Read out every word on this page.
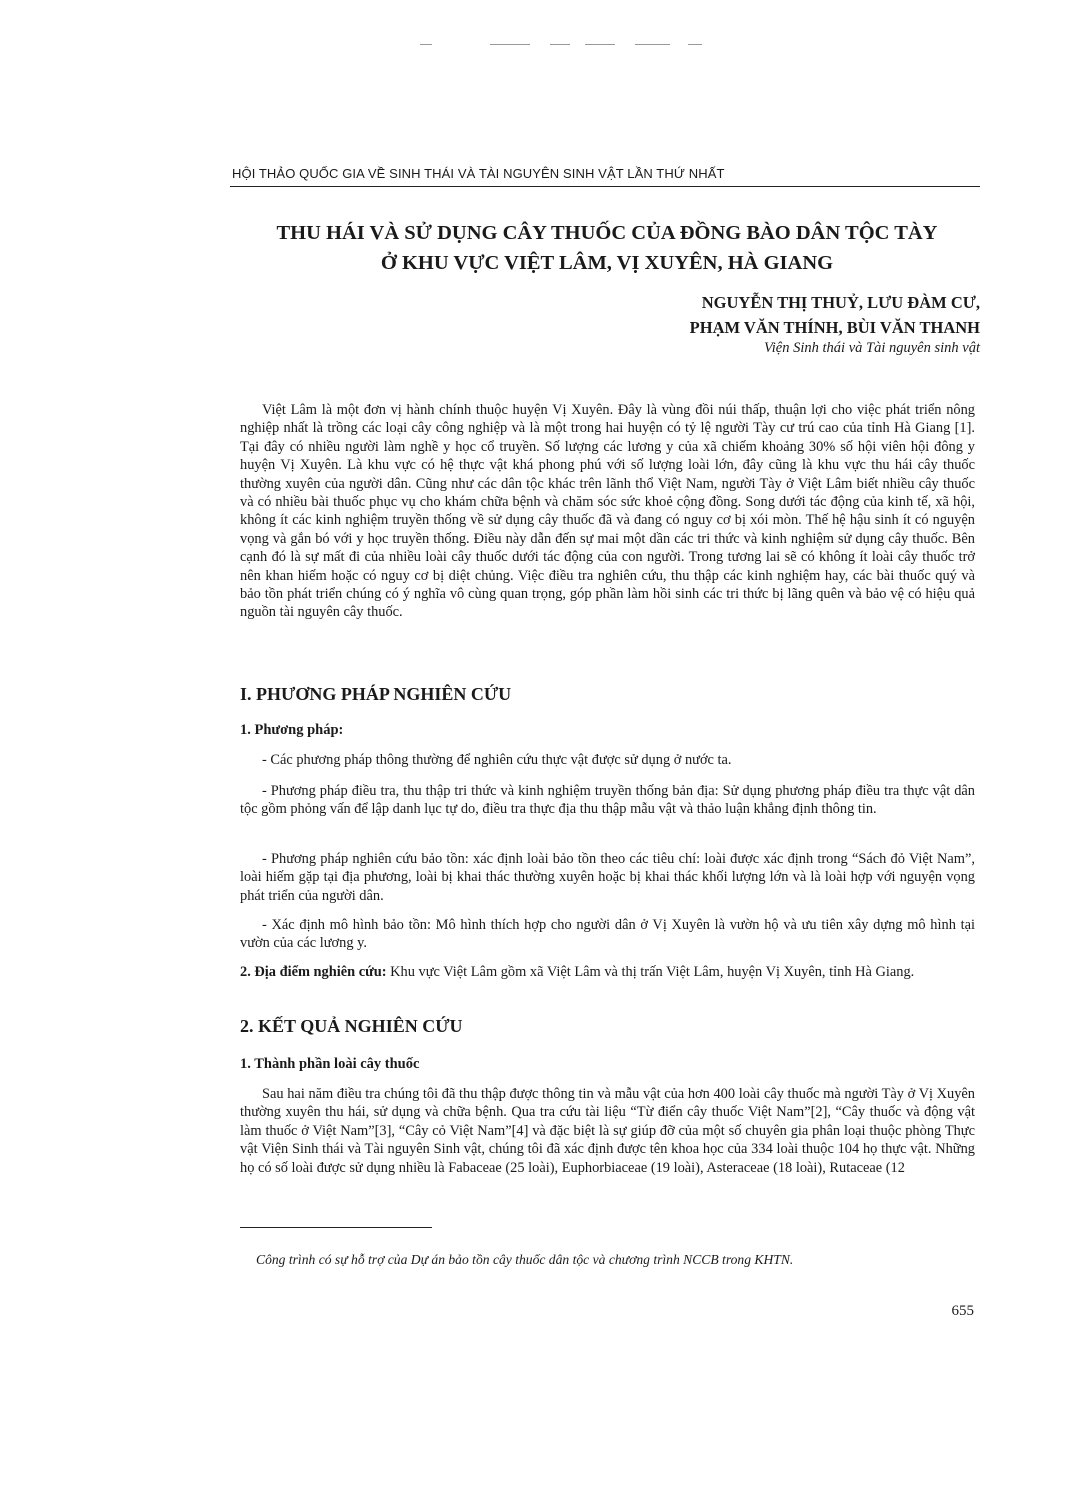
HỘI THẢO QUỐC GIA VỀ SINH THÁI VÀ TÀI NGUYÊN SINH VẬT LẦN THỨ NHẤT
THU HÁI VÀ SỬ DỤNG CÂY THUỐC CỦA ĐỒNG BÀO DÂN TỘC TÀY
Ở KHU VỰC VIỆT LÂM, VỊ XUYÊN, HÀ GIANG
NGUYỄN THỊ THUỶ, LƯU ĐÀM CƯ,
PHẠM VĂN THÍNH, BÙI VĂN THANH
Viện Sinh thái và Tài nguyên sinh vật

Việt Lâm là một đơn vị hành chính thuộc huyện Vị Xuyên. Đây là vùng đồi núi thấp, thuận lợi cho việc phát triển nông nghiệp nhất là trồng các loại cây công nghiệp và là một trong hai huyện có tỷ lệ người Tày cư trú cao của tỉnh Hà Giang [1]. Tại đây có nhiều người làm nghề y học cổ truyền. Số lượng các lương y của xã chiếm khoảng 30% số hội viên hội đông y huyện Vị Xuyên. Là khu vực có hệ thực vật khá phong phú với số lượng loài lớn, đây cũng là khu vực thu hái cây thuốc thường xuyên của người dân. Cũng như các dân tộc khác trên lãnh thổ Việt Nam, người Tày ở Việt Lâm biết nhiều cây thuốc và có nhiều bài thuốc phục vụ cho khám chữa bệnh và chăm sóc sức khoẻ cộng đồng. Song dưới tác động của kinh tế, xã hội, không ít các kinh nghiệm truyền thống về sử dụng cây thuốc đã và đang có nguy cơ bị xói mòn. Thế hệ hậu sinh ít có nguyện vọng và gắn bó với y học truyền thống. Điều này dẫn đến sự mai một dần các tri thức và kinh nghiệm sử dụng cây thuốc. Bên cạnh đó là sự mất đi của nhiều loài cây thuốc dưới tác động của con người. Trong tương lai sẽ có không ít loài cây thuốc trở nên khan hiếm hoặc có nguy cơ bị diệt chủng. Việc điều tra nghiên cứu, thu thập các kinh nghiệm hay, các bài thuốc quý và bảo tồn phát triển chúng có ý nghĩa vô cùng quan trọng, góp phần làm hồi sinh các tri thức bị lãng quên và bảo vệ có hiệu quả nguồn tài nguyên cây thuốc.

I. PHƯƠNG PHÁP NGHIÊN CỨU
1. Phương pháp:

- Các phương pháp thông thường để nghiên cứu thực vật được sử dụng ở nước ta.

- Phương pháp điều tra, thu thập tri thức và kinh nghiệm truyền thống bản địa: Sử dụng phương pháp điều tra thực vật dân tộc gồm phỏng vấn để lập danh lục tự do, điều tra thực địa thu thập mẫu vật và thảo luận khẳng định thông tin.

- Phương pháp nghiên cứu bảo tồn: xác định loài bảo tồn theo các tiêu chí: loài được xác định trong “Sách đỏ Việt Nam”, loài hiếm gặp tại địa phương, loài bị khai thác thường xuyên hoặc bị khai thác khối lượng lớn và là loài hợp với nguyện vọng phát triển của người dân.

- Xác định mô hình bảo tồn: Mô hình thích hợp cho người dân ở Vị Xuyên là vườn hộ và ưu tiên xây dựng mô hình tại vườn của các lương y.

2. Địa điểm nghiên cứu: Khu vực Việt Lâm gồm xã Việt Lâm và thị trấn Việt Lâm, huyện Vị Xuyên, tỉnh Hà Giang.

2. KẾT QUẢ NGHIÊN CỨU
1. Thành phần loài cây thuốc

Sau hai năm điều tra chúng tôi đã thu thập được thông tin và mẫu vật của hơn 400 loài cây thuốc mà người Tày ở Vị Xuyên thường xuyên thu hái, sử dụng và chữa bệnh. Qua tra cứu tài liệu “Từ điển cây thuốc Việt Nam”[2], “Cây thuốc và động vật làm thuốc ở Việt Nam”[3], “Cây cỏ Việt Nam”[4] và đặc biệt là sự giúp đỡ của một số chuyên gia phân loại thuộc phòng Thực vật Viện Sinh thái và Tài nguyên Sinh vật, chúng tôi đã xác định được tên khoa học của 334 loài thuộc 104 họ thực vật. Những họ có số loài được sử dụng nhiều là Fabaceae (25 loài), Euphorbiaceae (19 loài), Asteraceae (18 loài), Rutaceae (12

Công trình có sự hỗ trợ của Dự án bảo tồn cây thuốc dân tộc và chương trình NCCB trong KHTN.
655
